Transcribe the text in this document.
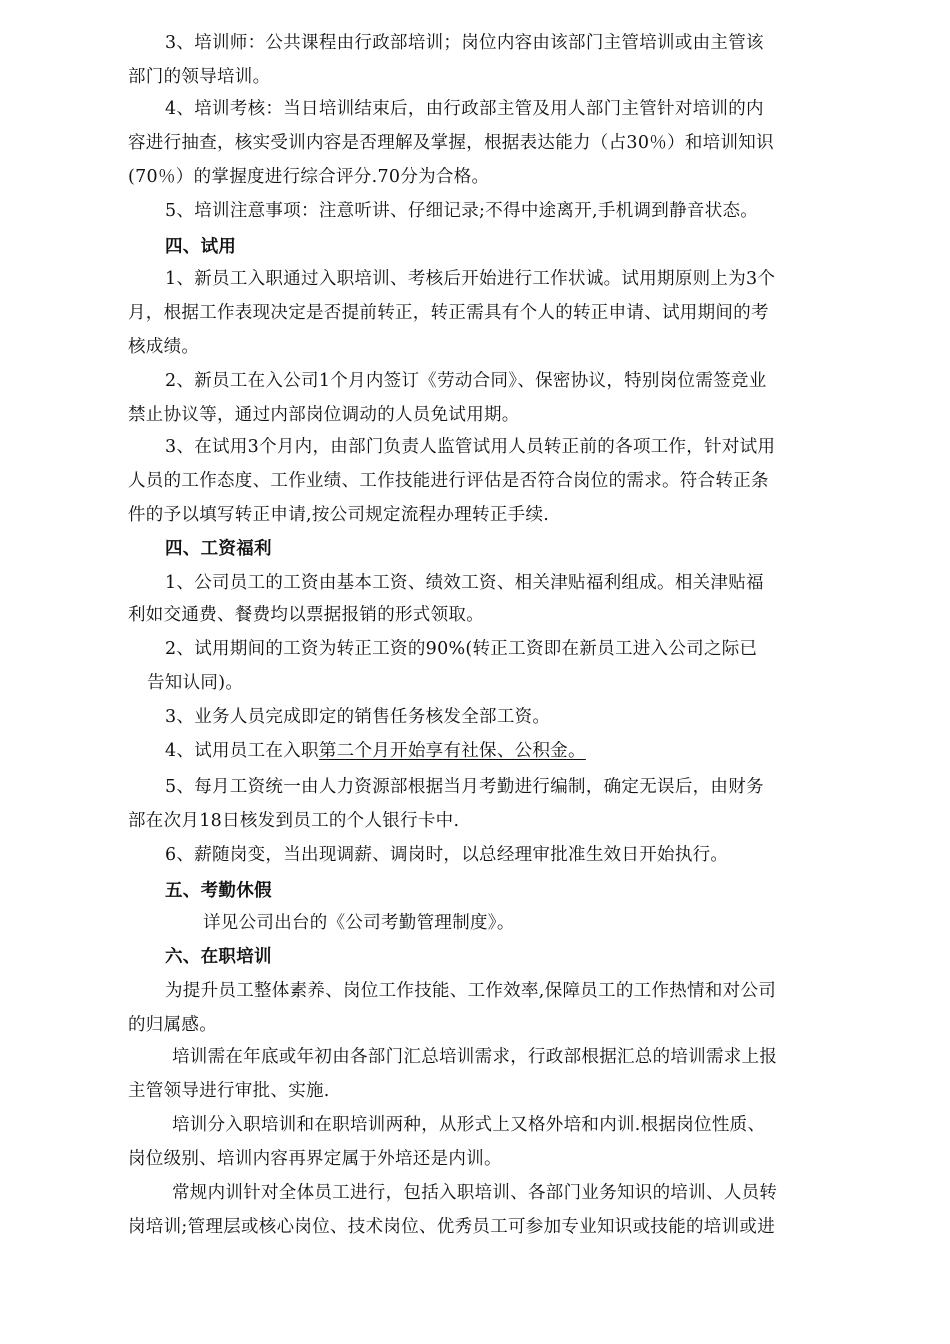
3、培训师：公共课程由行政部培训；岗位内容由该部门主管培训或由主管该
部门的领导培训。
4、培训考核：当日培训结束后，由行政部主管及用人部门主管针对培训的内
容进行抽查，核实受训内容是否理解及掌握，根据表达能力（占30％）和培训知识
(70％）的掌握度进行综合评分.70分为合格。
5、培训注意事项：注意听讲、仔细记录;不得中途离开,手机调到静音状态。
四、试用
1、新员工入职通过入职培训、考核后开始进行工作状诚。试用期原则上为3个
月，根据工作表现决定是否提前转正，转正需具有个人的转正申请、试用期间的考
核成绩。
2、新员工在入公司1个月内签订《劳动合同》、保密协议，特别岗位需签竞业
禁止协议等，通过内部岗位调动的人员免试用期。
3、在试用3个月内，由部门负责人监管试用人员转正前的各项工作，针对试用
人员的工作态度、工作业绩、工作技能进行评估是否符合岗位的需求。符合转正条
件的予以填写转正申请,按公司规定流程办理转正手续.
四、工资福利
1、公司员工的工资由基本工资、绩效工资、相关津贴福利组成。相关津贴福
利如交通费、餐费均以票据报销的形式领取。
2、试用期间的工资为转正工资的90%(转正工资即在新员工进入公司之际已
告知认同)。
3、业务人员完成即定的销售任务核发全部工资。
4、试用员工在入职第二个月开始享有社保、公积金。
5、每月工资统一由人力资源部根据当月考勤进行编制，确定无误后，由财务
部在次月18日核发到员工的个人银行卡中.
6、薪随岗变，当出现调薪、调岗时，以总经理审批准生效日开始执行。
五、考勤休假
详见公司出台的《公司考勤管理制度》。
六、在职培训
为提升员工整体素养、岗位工作技能、工作效率,保障员工的工作热情和对公司
的归属感。
培训需在年底或年初由各部门汇总培训需求，行政部根据汇总的培训需求上报
主管领导进行审批、实施.
培训分入职培训和在职培训两种，从形式上又格外培和内训.根据岗位性质、
岗位级别、培训内容再界定属于外培还是内训。
常规内训针对全体员工进行，包括入职培训、各部门业务知识的培训、人员转
岗培训;管理层或核心岗位、技术岗位、优秀员工可参加专业知识或技能的培训或进
